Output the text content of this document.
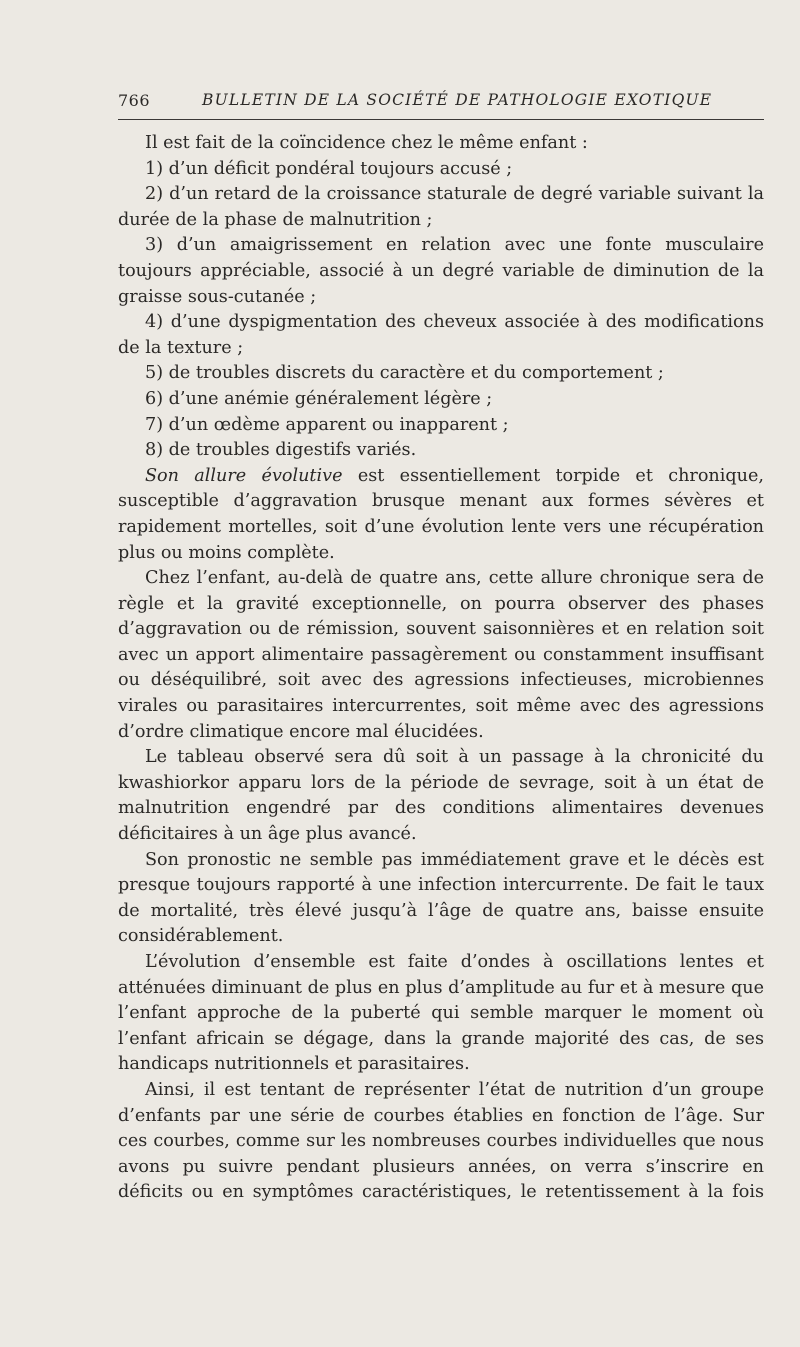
766	BULLETIN DE LA SOCIÉTÉ DE PATHOLOGIE EXOTIQUE

Il est fait de la coïncidence chez le même enfant :

1) d’un déficit pondéral toujours accusé ;

2) d’un retard de la croissance staturale de degré variable suivant la durée de la phase de malnutrition ;

3) d’un amaigrissement en relation avec une fonte musculaire toujours appréciable, associé à un degré variable de diminution de la graisse sous-cutanée ;

4) d’une dyspigmentation des cheveux associée à des modifications de la texture ;

5) de troubles discrets du caractère et du comportement ;

6) d’une anémie généralement légère ;

7) d’un œdème apparent ou inapparent ;

8) de troubles digestifs variés.

Son allure évolutive est essentiellement torpide et chronique, susceptible d’aggravation brusque menant aux formes sévères et rapidement mortelles, soit d’une évolution lente vers une récupération plus ou moins complète.

Chez l’enfant, au-delà de quatre ans, cette allure chronique sera de règle et la gravité exceptionnelle, on pourra observer des phases d’aggravation ou de rémission, souvent saisonnières et en relation soit avec un apport alimentaire passagèrement ou constamment insuffisant ou déséquilibré, soit avec des agressions infectieuses, microbiennes virales ou parasitaires intercurrentes, soit même avec des agressions d’ordre climatique encore mal élucidées.

Le tableau observé sera dû soit à un passage à la chronicité du kwashiorkor apparu lors de la période de sevrage, soit à un état de malnutrition engendré par des conditions alimentaires devenues déficitaires à un âge plus avancé.

Son pronostic ne semble pas immédiatement grave et le décès est presque toujours rapporté à une infection intercurrente. De fait le taux de mortalité, très élevé jusqu’à l’âge de quatre ans, baisse ensuite considérablement.

L’évolution d’ensemble est faite d’ondes à oscillations lentes et atténuées diminuant de plus en plus d’amplitude au fur et à mesure que l’enfant approche de la puberté qui semble marquer le moment où l’enfant africain se dégage, dans la grande majorité des cas, de ses handicaps nutritionnels et parasitaires.

Ainsi, il est tentant de représenter l’état de nutrition d’un groupe d’enfants par une série de courbes établies en fonction de l’âge. Sur ces courbes, comme sur les nombreuses courbes individuelles que nous avons pu suivre pendant plusieurs années, on verra s’inscrire en déficits ou en symptômes caractéristiques, le retentissement à la fois
